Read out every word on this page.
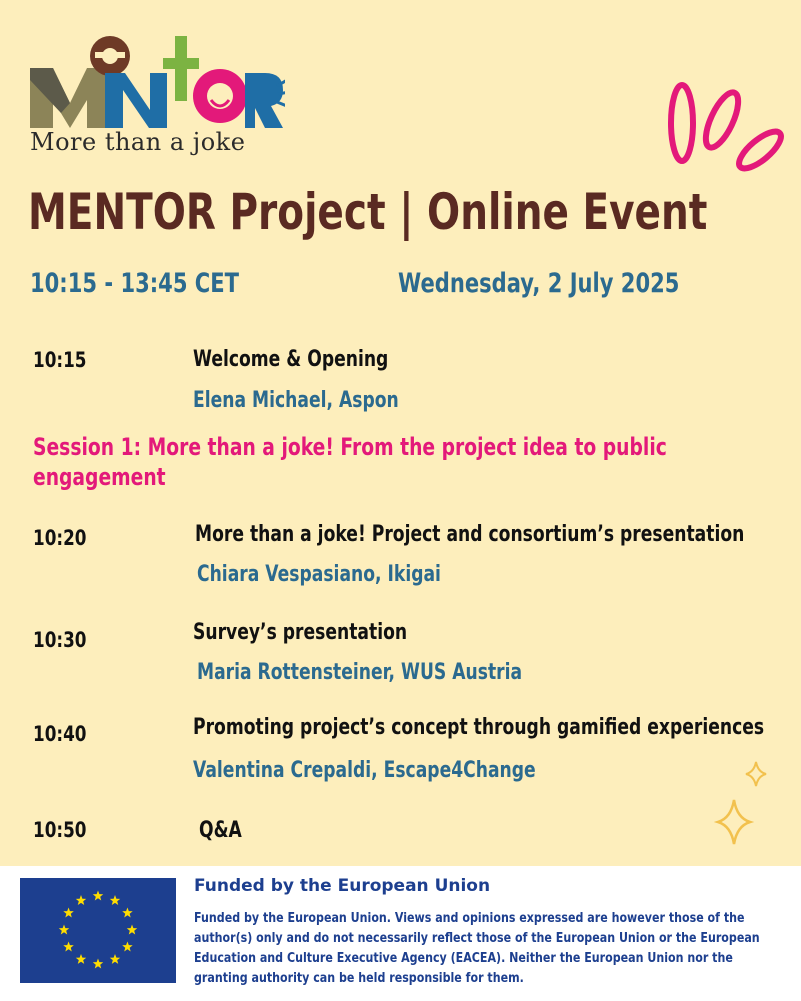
More than a joke
MENTOR Project | Online Event
10:15 - 13:45 CET	Wednesday, 2 July 2025
10:15	Welcome & Opening
Elena Michael, Aspon
Session 1: More than a joke! From the project idea to public engagement
10:20	More than a joke! Project and consortium’s presentation
Chiara Vespasiano, Ikigai
10:30	Survey’s presentation
Maria Rottensteiner, WUS Austria
10:40	Promoting project’s concept through gamified experiences
Valentina Crepaldi, Escape4Change
10:50	Q&A
Funded by the European Union
Funded by the European Union. Views and opinions expressed are however those of the author(s) only and do not necessarily reflect those of the European Union or the European Education and Culture Executive Agency (EACEA). Neither the European Union nor the granting authority can be held responsible for them.
